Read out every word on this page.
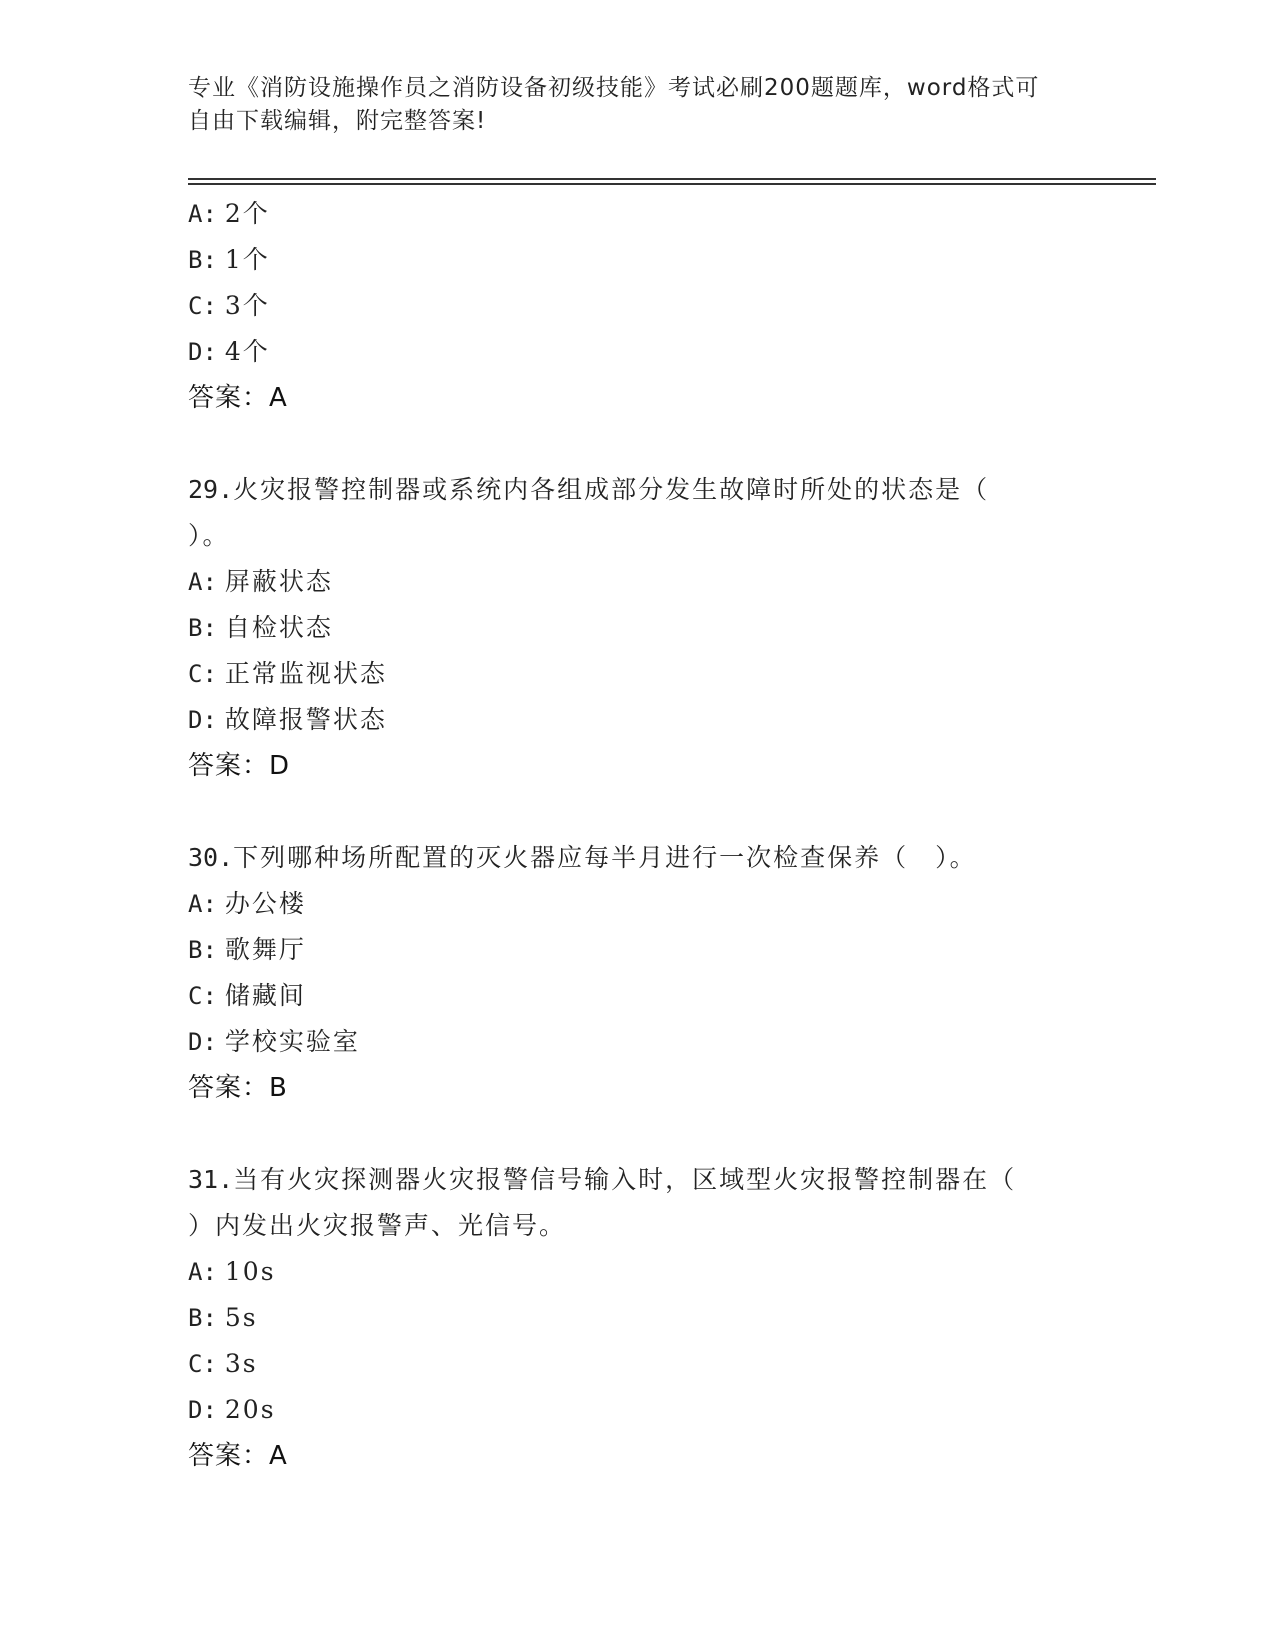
专业《消防设施操作员之消防设备初级技能》考试必刷200题题库，word格式可
自由下载编辑，附完整答案!
A: 2个
B: 1个
C: 3个
D: 4个
答案：A
29.火灾报警控制器或系统内各组成部分发生故障时所处的状态是（
）。
A: 屏蔽状态
B: 自检状态
C: 正常监视状态
D: 故障报警状态
答案：D
30.下列哪种场所配置的灭火器应每半月进行一次检查保养（　）。
A: 办公楼
B: 歌舞厅
C: 储藏间
D: 学校实验室
答案：B
31.当有火灾探测器火灾报警信号输入时，区域型火灾报警控制器在（
）内发出火灾报警声、光信号。
A: 10s
B: 5s
C: 3s
D: 20s
答案：A
